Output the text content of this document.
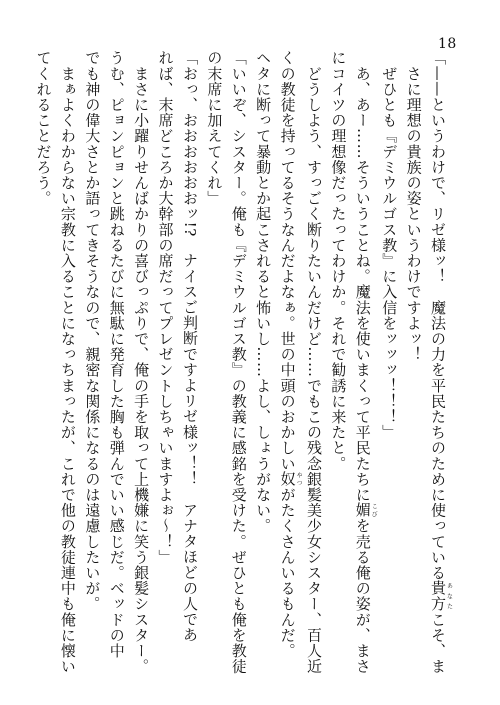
18
「——というわけで、リゼ様ッ！　魔法の力を平民たちのために使っている貴方あなたこそ、ま
　さに理想の貴族の姿というわけですよッ！
　ぜひとも『デミウルゴス教』に入信をッッッ！！！」
　あ、あー……そういうことね。魔法を使いまくって平民たちに媚こびを売る俺の姿が、まさ
にコイツの理想像だったってわけか。それで勧誘に来たと。
　どうしよう、すっごく断りたいんだけど……でもこの残念銀髪美少女シスター、百人近
くの教徒を持ってるそうなんだよなぁ。世の中頭のおかしい奴やつがたくさんいるもんだ。
ヘタに断って暴動とか起こされると怖いし……よし、しょうがない。
「いいぞ、シスター。俺も『デミウルゴス教』の教義に感銘を受けた。ぜひとも俺を教徒
の末席に加えてくれ」
「おっ、おおおおおおッ!?　ナイスご判断ですよリゼ様ッ！！　アナタほどの人であ
れば、末席どころか大幹部の席だってプレゼントしちゃいますよぉ〜！」
　まさに小躍りせんばかりの喜びっぷりで、俺の手を取って上機嫌に笑う銀髪シスター。
うむ、ピョンピョンと跳ねるたびに無駄に発育した胸も弾んでいい感じだ。ベッドの中
でも神の偉大さとか語ってきそうなので、親密な関係になるのは遠慮したいが。
　まぁよくわからない宗教に入ることになっちまったが、これで他の教徒連中も俺に懐い
てくれることだろう。
